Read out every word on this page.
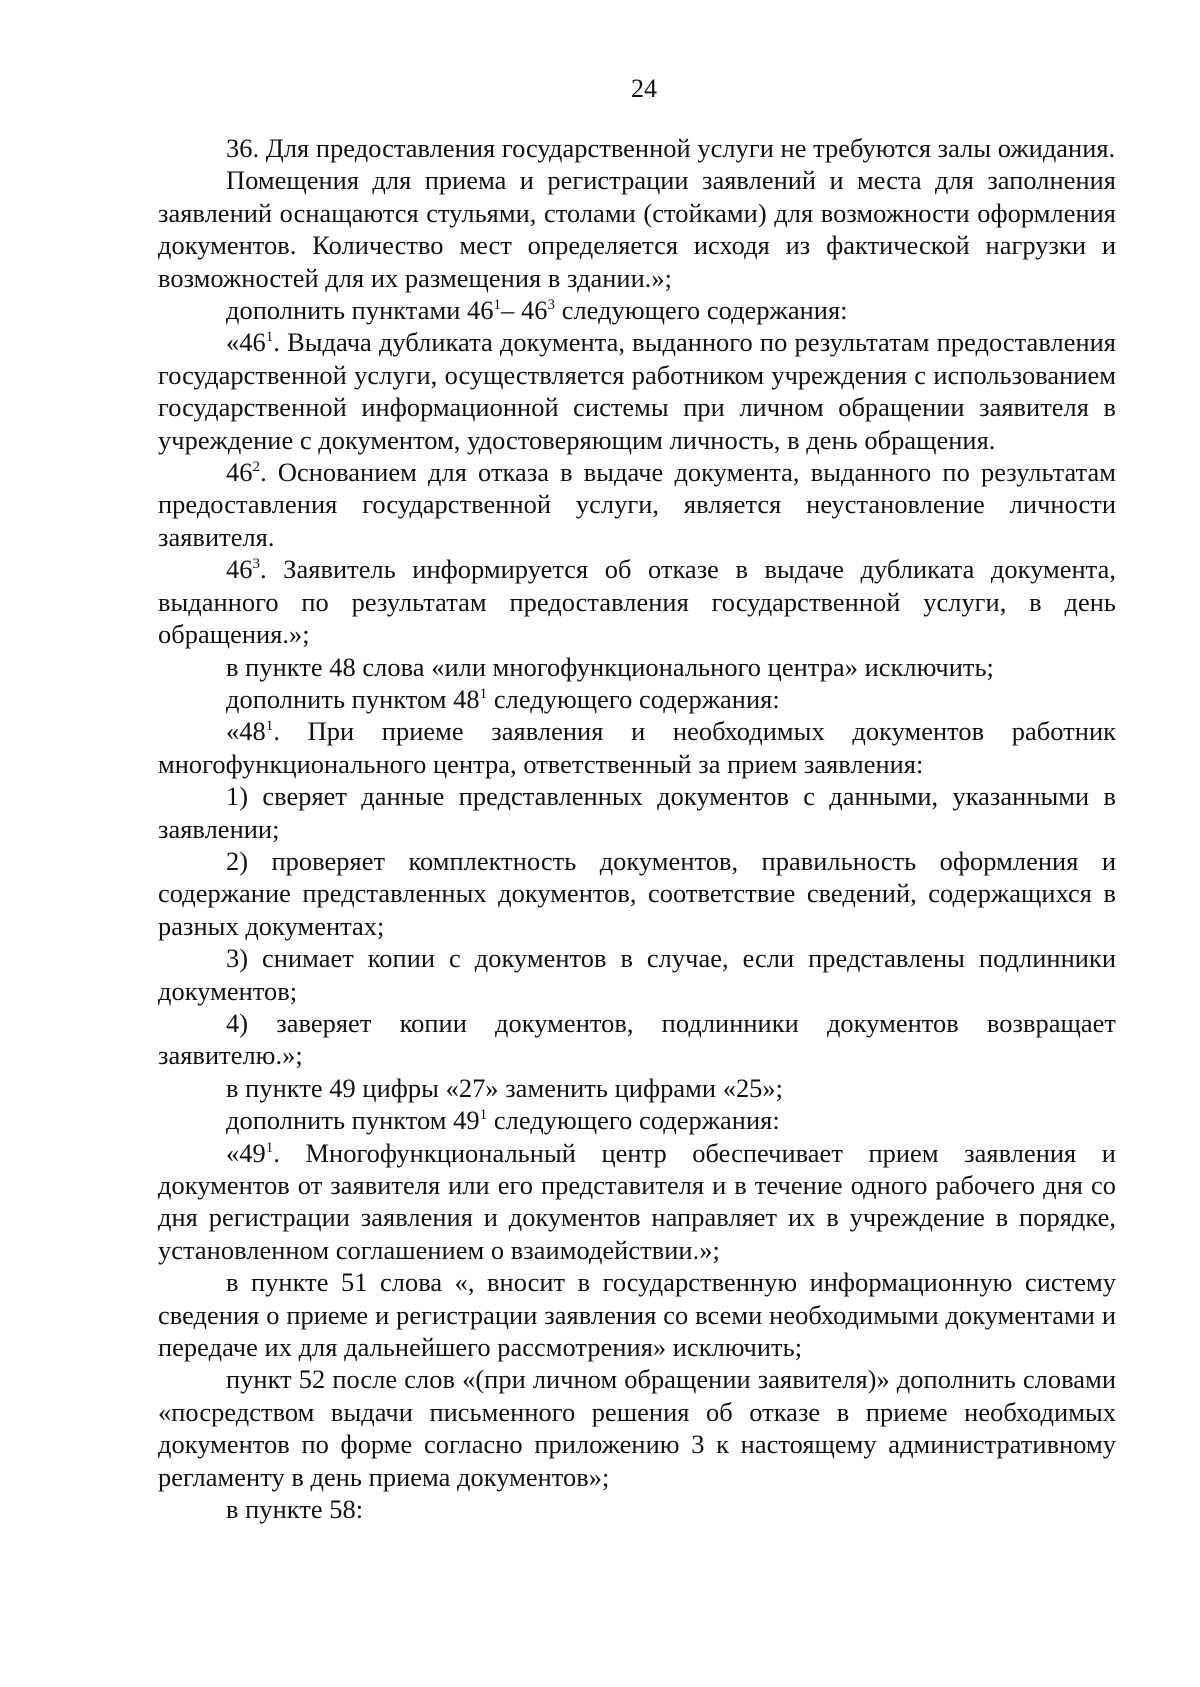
24

36. Для предоставления государственной услуги не требуются залы ожидания.

Помещения для приема и регистрации заявлений и места для заполнения заявлений оснащаются стульями, столами (стойками) для возможности оформления документов. Количество мест определяется исходя из фактической нагрузки и возможностей для их размещения в здании.»;

дополнить пунктами $46^1-$ $46^3$ следующего содержания:

«$46^1$. Выдача дубликата документа, выданного по результатам предоставления государственной услуги, осуществляется работником учреждения с использованием государственной информационной системы при личном обращении заявителя в учреждение с документом, удостоверяющим личность, в день обращения.

$46^2$. Основанием для отказа в выдаче документа, выданного по результатам предоставления государственной услуги, является неустановление личности заявителя.

$46^3$. Заявитель информируется об отказе в выдаче дубликата документа, выданного по результатам предоставления государственной услуги, в день обращения.»;

в пункте 48 слова «или многофункционального центра» исключить;

дополнить пунктом $48^1$ следующего содержания:

«$48^1$. При приеме заявления и необходимых документов работник многофункционального центра, ответственный за прием заявления:

1) сверяет данные представленных документов с данными, указанными в заявлении;

2) проверяет комплектность документов, правильность оформления и содержание представленных документов, соответствие сведений, содержащихся в разных документах;

3) снимает копии с документов в случае, если представлены подлинники документов;

4) заверяет копии документов, подлинники документов возвращает заявителю.»;

в пункте 49 цифры «27» заменить цифрами «25»;

дополнить пунктом $49^1$ следующего содержания:

«$49^1$. Многофункциональный центр обеспечивает прием заявления и документов от заявителя или его представителя и в течение одного рабочего дня со дня регистрации заявления и документов направляет их в учреждение в порядке, установленном соглашением о взаимодействии.»;

в пункте 51 слова «, вносит в государственную информационную систему сведения о приеме и регистрации заявления со всеми необходимыми документами и передаче их для дальнейшего рассмотрения» исключить;

пункт 52 после слов «(при личном обращении заявителя)» дополнить словами «посредством выдачи письменного решения об отказе в приеме необходимых документов по форме согласно приложению 3 к настоящему административному регламенту в день приема документов»;

в пункте 58:
